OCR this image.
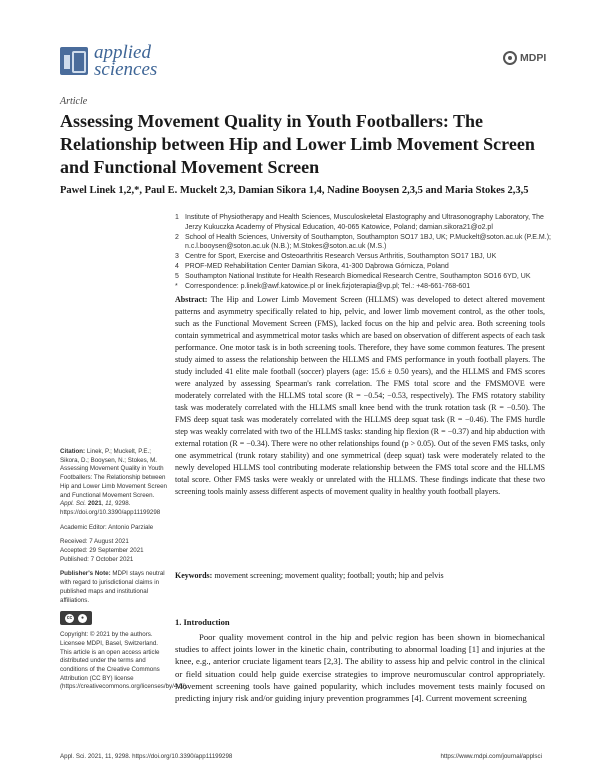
applied
sciences
MDPI
Article
Assessing Movement Quality in Youth Footballers: The Relationship between Hip and Lower Limb Movement Screen and Functional Movement Screen
Pawel Linek 1,2,*, Paul E. Muckelt 2,3, Damian Sikora 1,4, Nadine Booysen 2,3,5 and Maria Stokes 2,3,5
1 Institute of Physiotherapy and Health Sciences, Musculoskeletal Elastography and Ultrasonography Laboratory, The Jerzy Kukuczka Academy of Physical Education, 40-065 Katowice, Poland; damian.sikora21@o2.pl
2 School of Health Sciences, University of Southampton, Southampton SO17 1BJ, UK; P.Muckelt@soton.ac.uk (P.E.M.); n.c.l.booysen@soton.ac.uk (N.B.); M.Stokes@soton.ac.uk (M.S.)
3 Centre for Sport, Exercise and Osteoarthritis Research Versus Arthritis, Southampton SO17 1BJ, UK
4 PROF-MED Rehabilitation Center Damian Sikora, 41-300 Dąbrowa Górnicza, Poland
5 Southampton National Institute for Health Research Biomedical Research Centre, Southampton SO16 6YD, UK
*	Correspondence: p.linek@awf.katowice.pl or linek.fizjoterapia@vp.pl; Tel.: +48-661-768-601
Abstract: The Hip and Lower Limb Movement Screen (HLLMS) was developed to detect altered movement patterns and asymmetry specifically related to hip, pelvic, and lower limb movement control, as the other tools, such as the Functional Movement Screen (FMS), lacked focus on the hip and pelvic area. Both screening tools contain symmetrical and asymmetrical motor tasks which are based on observation of different aspects of each task performance. One motor task is in both screening tools. Therefore, they have some common features. The present study aimed to assess the relationship between the HLLMS and FMS performance in youth football players. The study included 41 elite male football (soccer) players (age: 15.6 ± 0.50 years), and the HLLMS and FMS scores were analyzed by assessing Spearman's rank correlation. The FMS total score and the FMSMOVE were moderately correlated with the HLLMS total score (R = −0.54; −0.53, respectively). The FMS rotatory stability task was moderately correlated with the HLLMS small knee bend with the trunk rotation task (R = −0.50). The FMS deep squat task was moderately correlated with the HLLMS deep squat task (R = −0.46). The FMS hurdle step was weakly correlated with two of the HLLMS tasks: standing hip flexion (R = −0.37) and hip abduction with external rotation (R = −0.34). There were no other relationships found (p > 0.05). Out of the seven FMS tasks, only one asymmetrical (trunk rotary stability) and one symmetrical (deep squat) task were moderately related to the newly developed HLLMS tool contributing moderate relationship between the FMS total score and the HLLMS total score. Other FMS tasks were weakly or unrelated with the HLLMS. These findings indicate that these two screening tools mainly assess different aspects of movement quality in healthy youth football players.
Keywords: movement screening; movement quality; football; youth; hip and pelvis

Citation: Linek, P.; Muckelt, P.E.; Sikora, D.; Booysen, N.; Stokes, M. Assessing Movement Quality in Youth Footballers: The Relationship between Hip and Lower Limb Movement Screen and Functional Movement Screen. Appl. Sci. 2021, 11, 9298. https://doi.org/10.3390/app11199298

Academic Editor: Antonio Parziale

Received: 7 August 2021
Accepted: 29 September 2021

Published: 7 October 2021

Publisher's Note: MDPI stays neutral with regard to jurisdictional claims in published maps and institutional affiliations.

cc	●

Copyright: © 2021 by the authors. Licensee MDPI, Basel, Switzerland. This article is an open access article distributed under the terms and conditions of the Creative Commons Attribution (CC BY) license (https://creativecommons.org/licenses/by/4.0/).

1. Introduction
Poor quality movement control in the hip and pelvic region has been shown in biomechanical studies to affect joints lower in the kinetic chain, contributing to abnormal loading [1] and injuries at the knee, e.g., anterior cruciate ligament tears [2,3]. The ability to assess hip and pelvic control in the clinical or field situation could help guide exercise strategies to improve neuromuscular control appropriately. Movement screening tools have gained popularity, which includes movement tests mainly focused on predicting injury risk and/or guiding injury prevention programmes [4]. Current movement screening
Appl. Sci. 2021, 11, 9298. https://doi.org/10.3390/app11199298	https://www.mdpi.com/journal/applsci
